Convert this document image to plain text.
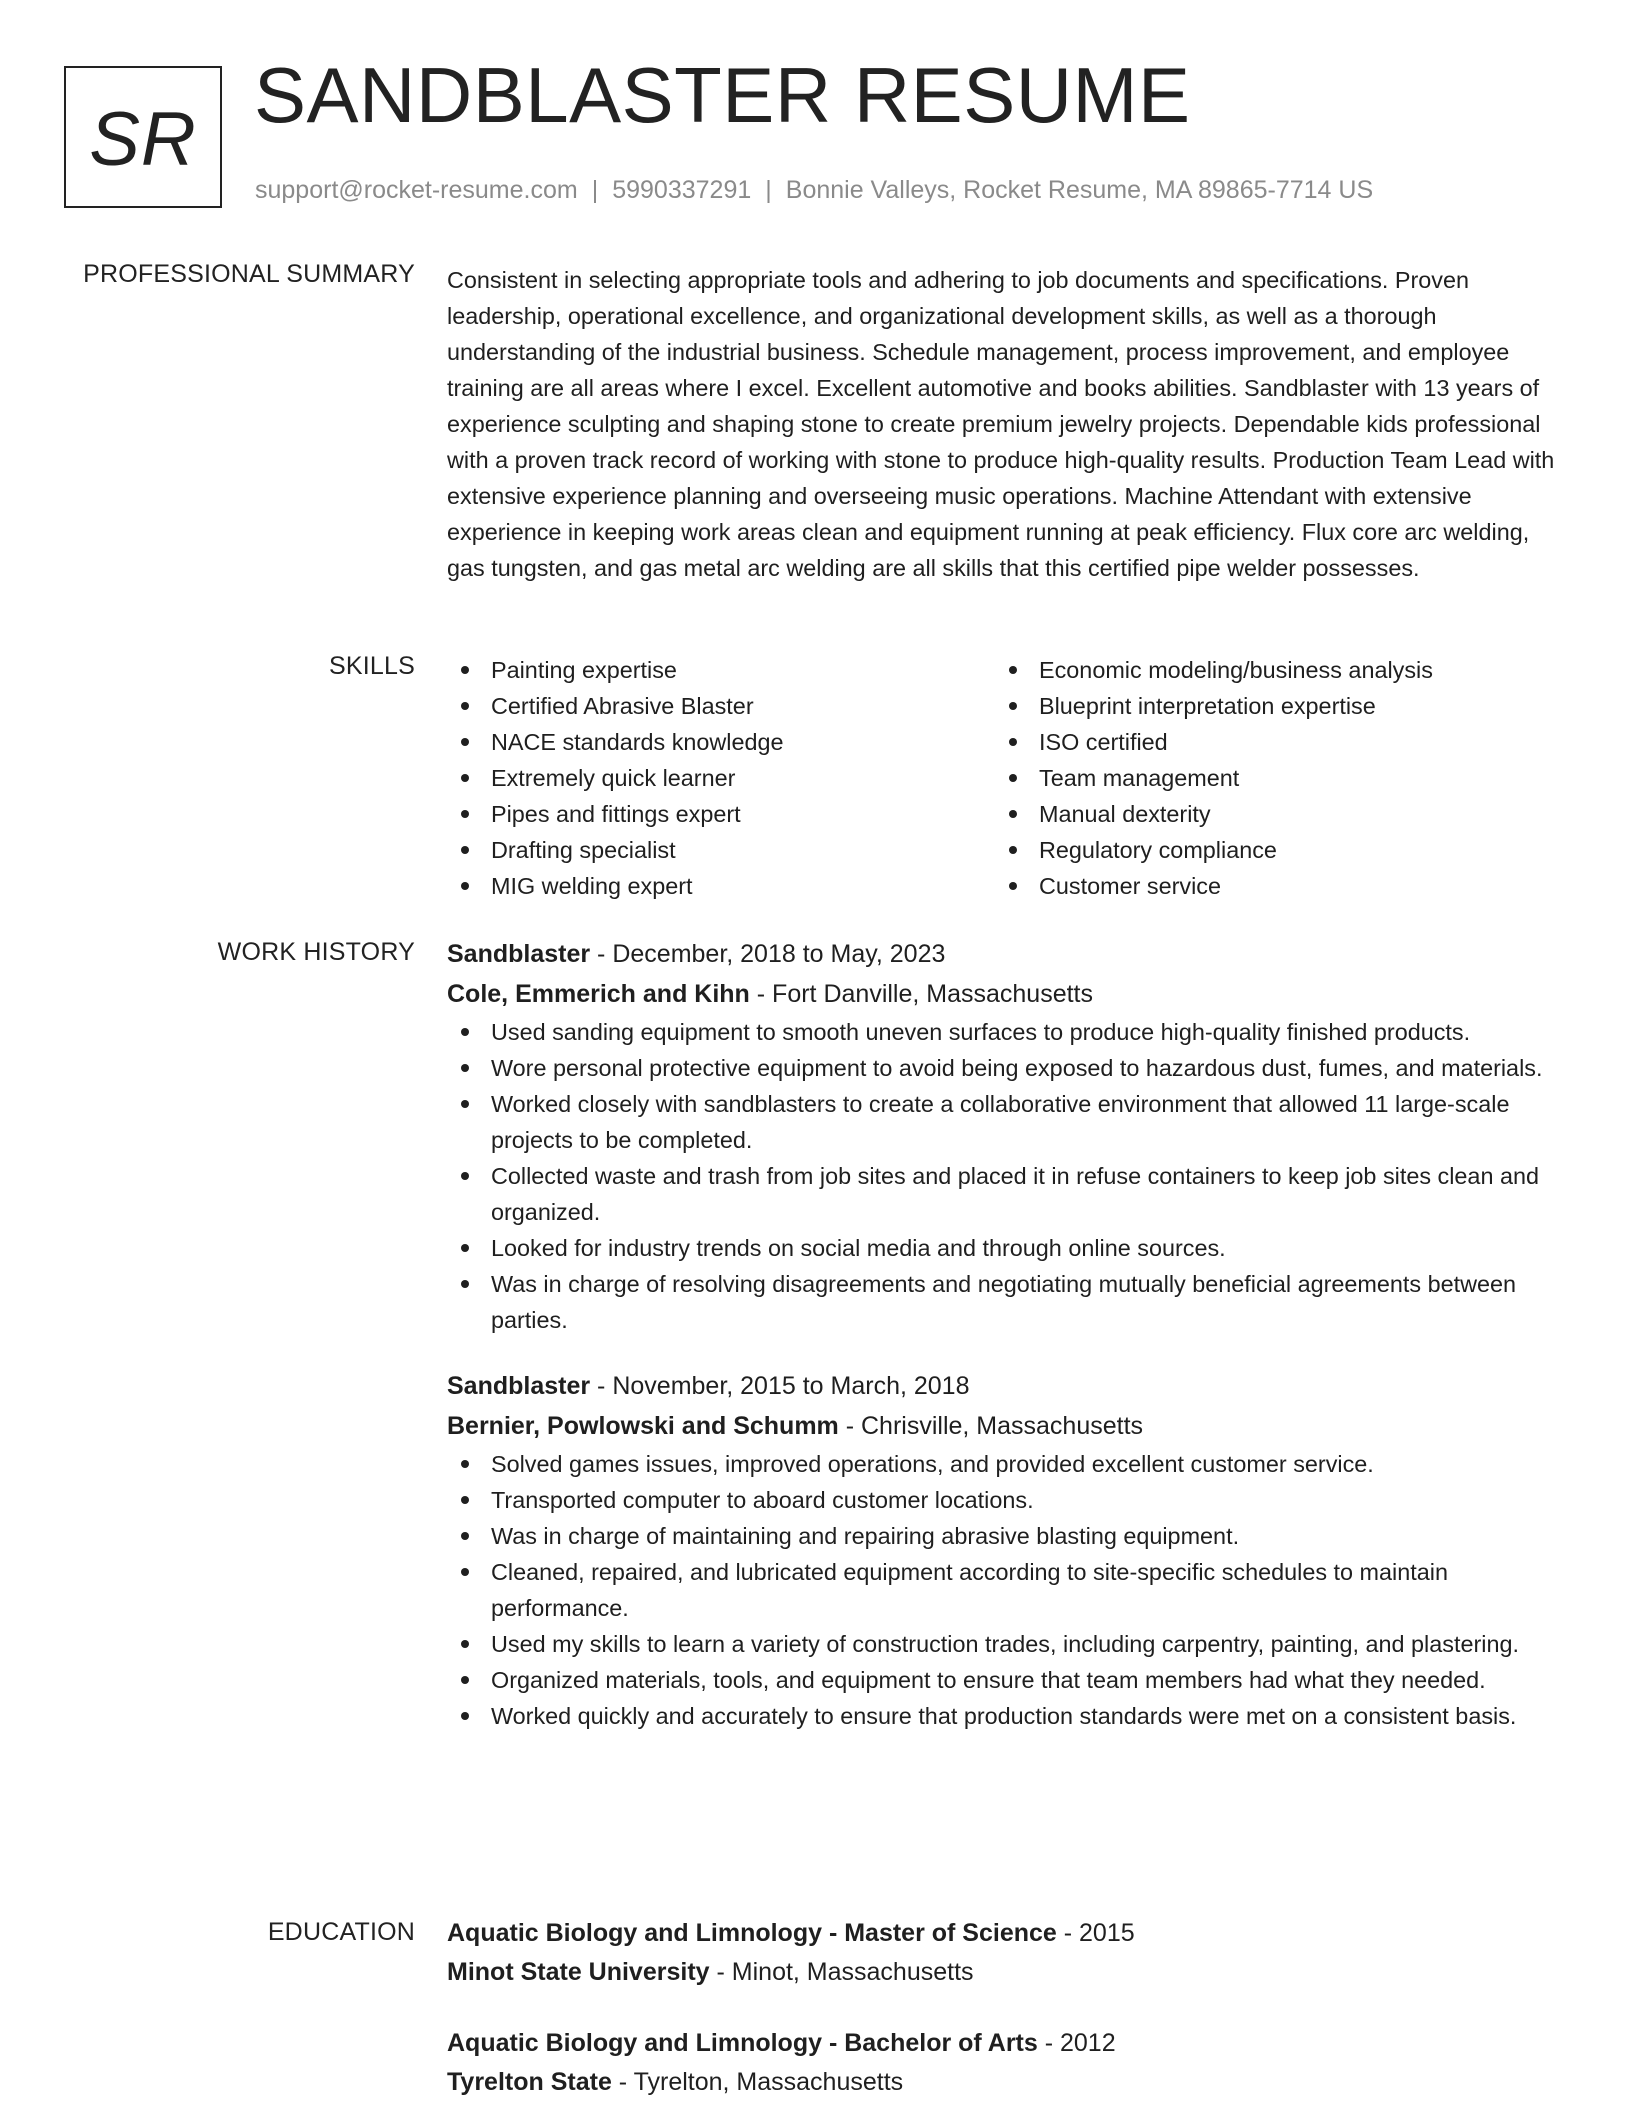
SR SANDBLASTER RESUME
support@rocket-resume.com | 5990337291 | Bonnie Valleys, Rocket Resume, MA 89865-7714 US
PROFESSIONAL SUMMARY Consistent in selecting appropriate tools and adhering to job documents and specifications. Proven leadership, operational excellence, and organizational development skills, as well as a thorough understanding of the industrial business. Schedule management, process improvement, and employee training are all areas where I excel. Excellent automotive and books abilities. Sandblaster with 13 years of experience sculpting and shaping stone to create premium jewelry projects. Dependable kids professional with a proven track record of working with stone to produce high-quality results. Production Team Lead with extensive experience planning and overseeing music operations. Machine Attendant with extensive experience in keeping work areas clean and equipment running at peak efficiency. Flux core arc welding, gas tungsten, and gas metal arc welding are all skills that this certified pipe welder possesses.

SKILLS	Painting expertise
Certified Abrasive Blaster
NACE standards knowledge
Extremely quick learner
Pipes and fittings expert
Drafting specialist
MIG welding expert
Economic modeling/business analysis
Blueprint interpretation expertise
ISO certified
Team management
Manual dexterity
Regulatory compliance
Customer service
WORK HISTORY Sandblaster - December, 2018 to May, 2023
Cole, Emmerich and Kihn - Fort Danville, Massachusetts
Used sanding equipment to smooth uneven surfaces to produce high-quality finished products.
Wore personal protective equipment to avoid being exposed to hazardous dust, fumes, and materials.
Worked closely with sandblasters to create a collaborative environment that allowed 11 large-scale projects to be completed.
Collected waste and trash from job sites and placed it in refuse containers to keep job sites clean and organized.
Looked for industry trends on social media and through online sources.
Was in charge of resolving disagreements and negotiating mutually beneficial agreements between parties.
Sandblaster - November, 2015 to March, 2018
Bernier, Powlowski and Schumm - Chrisville, Massachusetts
Solved games issues, improved operations, and provided excellent customer service.
Transported computer to aboard customer locations.
Was in charge of maintaining and repairing abrasive blasting equipment.
Cleaned, repaired, and lubricated equipment according to site-specific schedules to maintain performance.
Used my skills to learn a variety of construction trades, including carpentry, painting, and plastering.
Organized materials, tools, and equipment to ensure that team members had what they needed.
Worked quickly and accurately to ensure that production standards were met on a consistent basis.
EDUCATION Aquatic Biology and Limnology - Master of Science - 2015
Minot State University - Minot, Massachusetts
Aquatic Biology and Limnology - Bachelor of Arts - 2012
Tyrelton State - Tyrelton, Massachusetts
